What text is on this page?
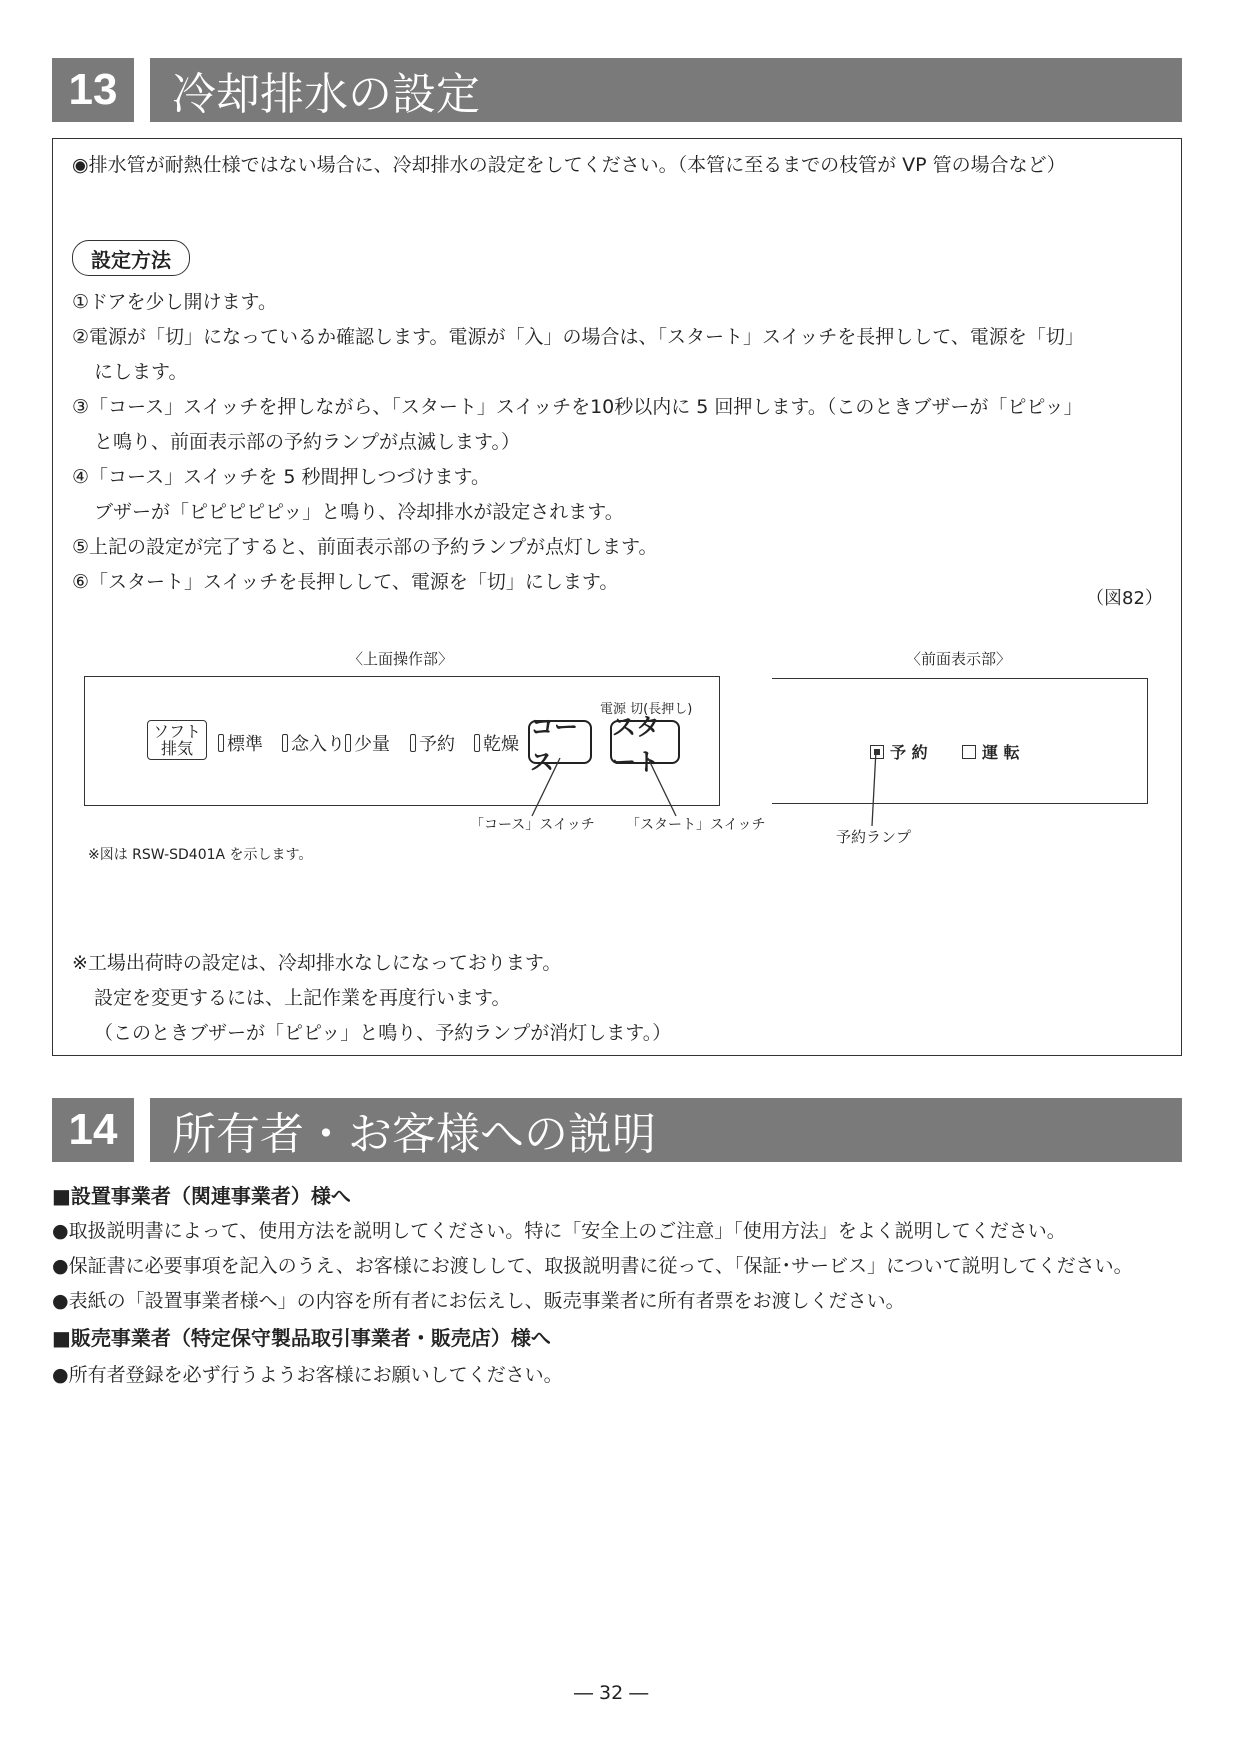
13	冷却排水の設定
◉排水管が耐熱仕様ではない場合に、冷却排水の設定をしてください。（本管に至るまでの枝管が VP 管の場合など）
設定方法
①ドアを少し開けます。
②電源が「切」になっているか確認します。電源が「入」の場合は、「スタート」スイッチを長押しして、電源を「切」
にします。
③「コース」スイッチを押しながら、「スタート」スイッチを10秒以内に 5 回押します。（このときブザーが「ピピッ」
と鳴り、前面表示部の予約ランプが点滅します。）
④「コース」スイッチを 5 秒間押しつづけます。
ブザーが「ピピピピピッ」と鳴り、冷却排水が設定されます。
⑤上記の設定が完了すると、前面表示部の予約ランプが点灯します。
⑥「スタート」スイッチを長押しして、電源を「切」にします。
（図82）
〈上面操作部〉
ソフト
排気	標準	念入り 少量	予約	乾燥
コース
電源 切(長押し)
スタート
「コース」スイッチ 「スタート」スイッチ
※図は RSW-SD401A を示します。
〈前面表示部〉
予 約	運 転
予約ランプ
※工場出荷時の設定は、冷却排水なしになっております。
設定を変更するには、上記作業を再度行います。
（このときブザーが「ピピッ」と鳴り、予約ランプが消灯します。）
14	所有者・お客様への説明
■設置事業者（関連事業者）様へ
●取扱説明書によって、使用方法を説明してください。特に「安全上のご注意」「使用方法」をよく説明してください。
●保証書に必要事項を記入のうえ、お客様にお渡しして、取扱説明書に従って、「保証･サービス」について説明してください。
●表紙の「設置事業者様へ」の内容を所有者にお伝えし、販売事業者に所有者票をお渡しください。
■販売事業者（特定保守製品取引事業者・販売店）様へ
●所有者登録を必ず行うようお客様にお願いしてください。
― 32 ―
